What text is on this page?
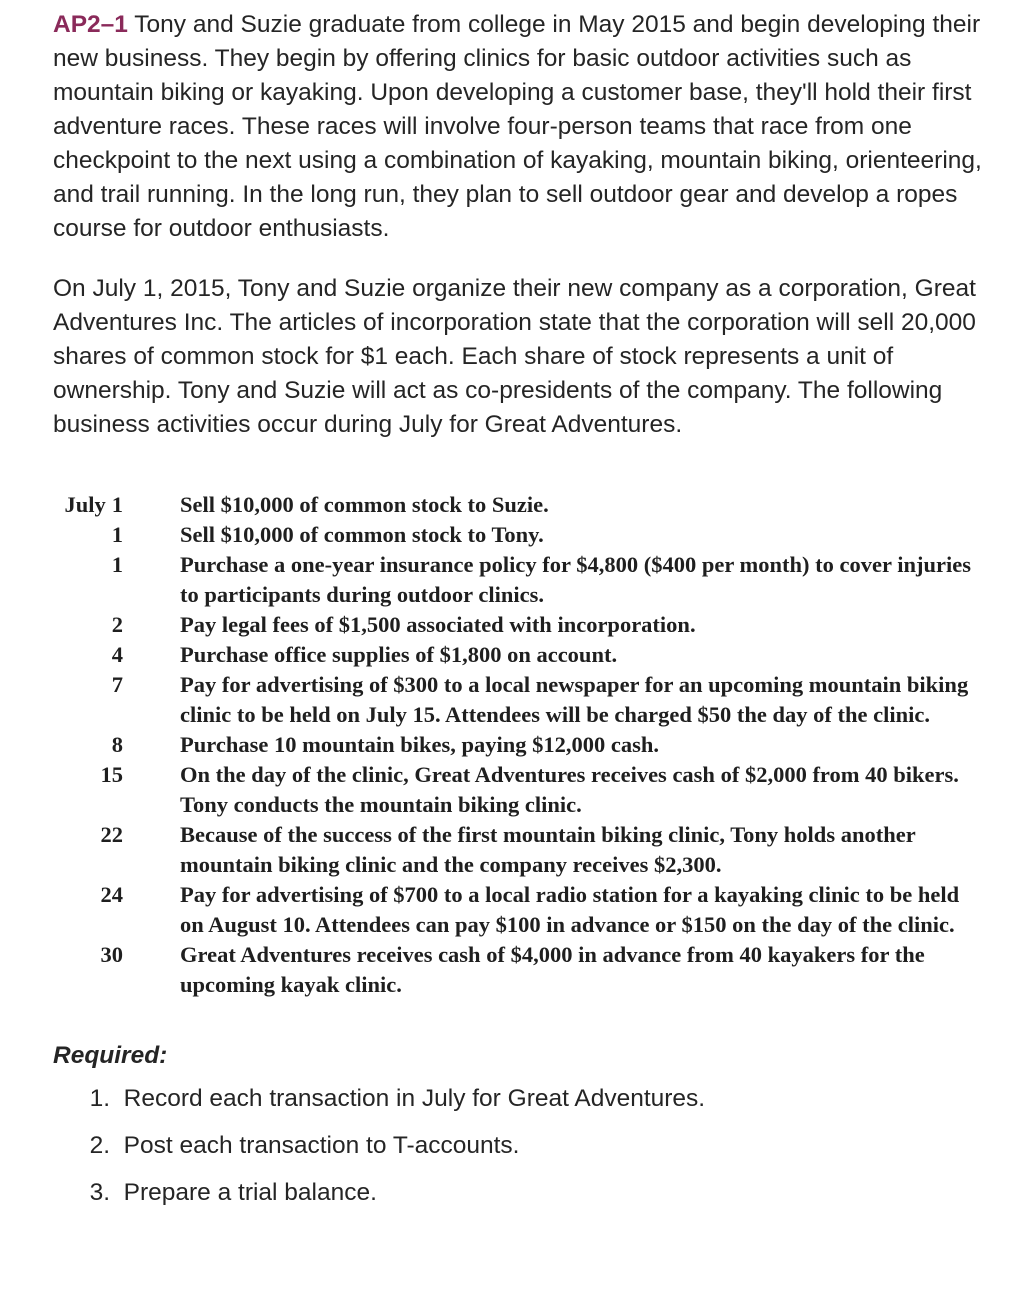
AP2–1 Tony and Suzie graduate from college in May 2015 and begin developing their new business. They begin by offering clinics for basic outdoor activities such as mountain biking or kayaking. Upon developing a customer base, they'll hold their first adventure races. These races will involve four-person teams that race from one checkpoint to the next using a combination of kayaking, mountain biking, orienteering, and trail running. In the long run, they plan to sell outdoor gear and develop a ropes course for outdoor enthusiasts.

On July 1, 2015, Tony and Suzie organize their new company as a corporation, Great Adventures Inc. The articles of incorporation state that the corporation will sell 20,000 shares of common stock for $1 each. Each share of stock represents a unit of ownership. Tony and Suzie will act as co-presidents of the company. The following business activities occur during July for Great Adventures.

July 1		Sell $10,000 of common stock to Suzie.
1		Sell $10,000 of common stock to Tony.
1		Purchase a one-year insurance policy for $4,800 ($400 per month) to cover injuries to participants during outdoor clinics.
2		Pay legal fees of $1,500 associated with incorporation.
4		Purchase office supplies of $1,800 on account.
7		Pay for advertising of $300 to a local newspaper for an upcoming mountain biking clinic to be held on July 15. Attendees will be charged $50 the day of the clinic.
8		Purchase 10 mountain bikes, paying $12,000 cash.
15		On the day of the clinic, Great Adventures receives cash of $2,000 from 40 bikers. Tony conducts the mountain biking clinic.
22		Because of the success of the first mountain biking clinic, Tony holds another mountain biking clinic and the company receives $2,300.
24		Pay for advertising of $700 to a local radio station for a kayaking clinic to be held on August 10. Attendees can pay $100 in advance or $150 on the day of the clinic.
30		Great Adventures receives cash of $4,000 in advance from 40 kayakers for the upcoming kayak clinic.
Required:
1.
Record each transaction in July for Great Adventures.
2.
Post each transaction to T-accounts.
3.
Prepare a trial balance.
